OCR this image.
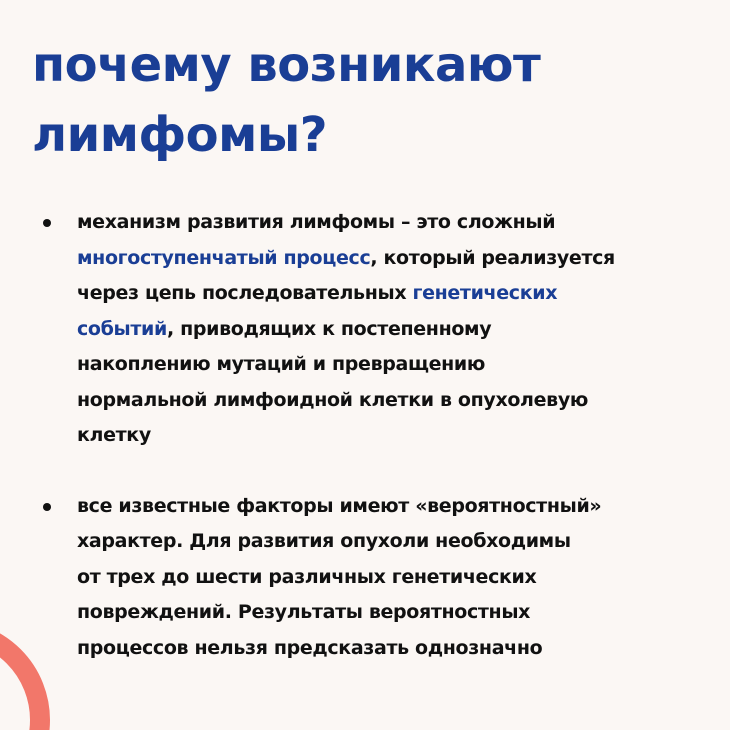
почему возникают
лимфомы?
механизм развития лимфомы – это сложный
многоступенчатый процесс, который реализуется
через цепь последовательных генетических
событий, приводящих к постепенному
накоплению мутаций и превращению
нормальной лимфоидной клетки в опухолевую
клетку
все известные факторы имеют «вероятностный»
характер. Для развития опухоли необходимы
от трех до шести различных генетических
повреждений. Результаты вероятностных
процессов нельзя предсказать однозначно
